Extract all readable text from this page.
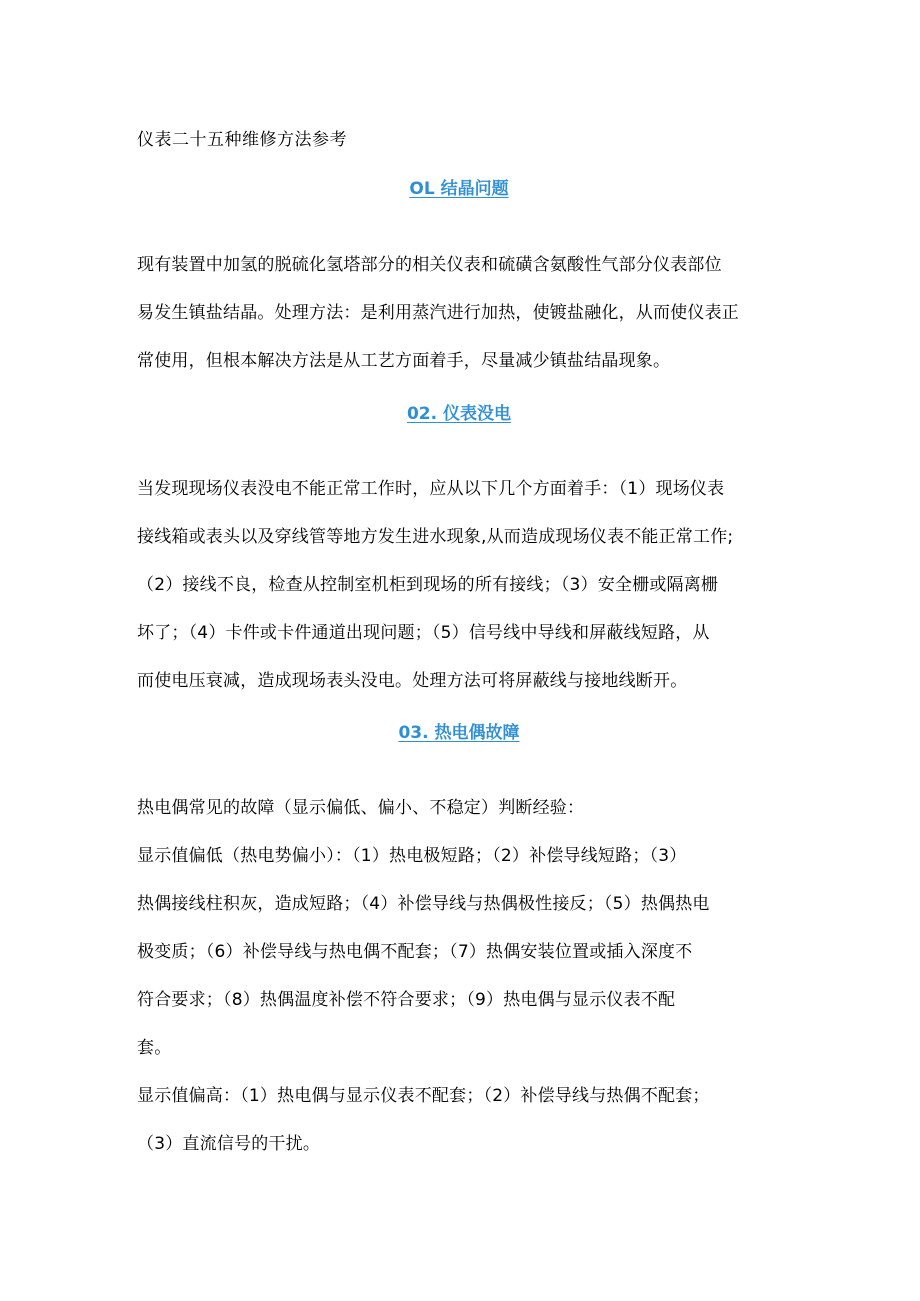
仪表二十五种维修方法参考
OL 结晶问题
现有装置中加氢的脱硫化氢塔部分的相关仪表和硫磺含氨酸性气部分仪表部位
易发生镇盐结晶。处理方法：是利用蒸汽进行加热，使镀盐融化，从而使仪表正
常使用，但根本解决方法是从工艺方面着手，尽量减少镇盐结晶现象。
02. 仪表没电
当发现现场仪表没电不能正常工作时，应从以下几个方面着手：（1）现场仪表
接线箱或表头以及穿线管等地方发生进水现象,从而造成现场仪表不能正常工作;
（2）接线不良，检查从控制室机柜到现场的所有接线；（3）安全栅或隔离栅
坏了；（4）卡件或卡件通道出现问题；（5）信号线中导线和屏蔽线短路，从
而使电压衰减，造成现场表头没电。处理方法可将屏蔽线与接地线断开。
03. 热电偶故障
热电偶常见的故障（显示偏低、偏小、不稳定）判断经验：
显示值偏低（热电势偏小）：（1）热电极短路；（2）补偿导线短路；（3）
热偶接线柱积灰，造成短路；（4）补偿导线与热偶极性接反；（5）热偶热电
极变质；（6）补偿导线与热电偶不配套；（7）热偶安装位置或插入深度不
符合要求；（8）热偶温度补偿不符合要求；（9）热电偶与显示仪表不配
套。
显示值偏高：（1）热电偶与显示仪表不配套；（2）补偿导线与热偶不配套；
（3）直流信号的干扰。
